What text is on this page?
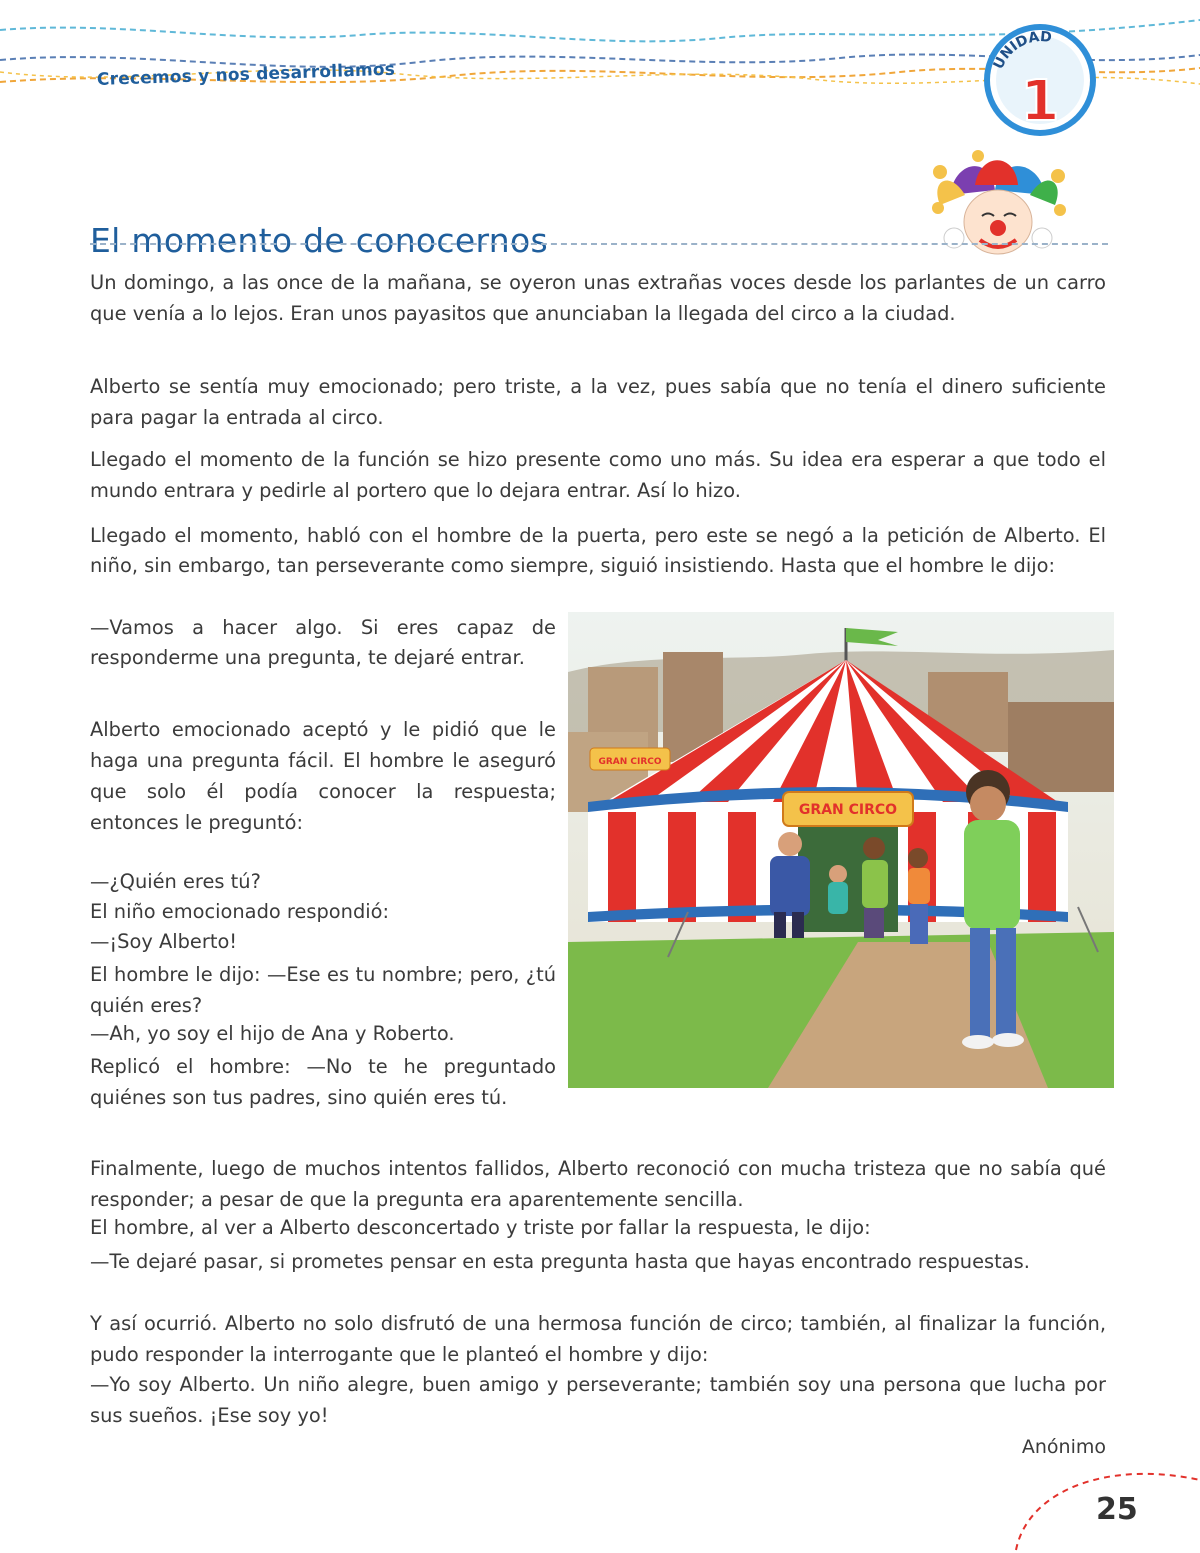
Crecemos y nos desarrollamos	UNIDAD
1
El momento de conocernos

Un domingo, a las once de la mañana, se oyeron unas extrañas voces desde los parlantes de un carro que venía a lo lejos. Eran unos payasitos que anunciaban la llegada del circo a la ciudad.

Alberto se sentía muy emocionado; pero triste, a la vez, pues sabía que no tenía el dinero suficiente para pagar la entrada al circo.

Llegado el momento de la función se hizo presente como uno más. Su idea era esperar a que todo el mundo entrara y pedirle al portero que lo dejara entrar. Así lo hizo.

Llegado el momento, habló con el hombre de la puerta, pero este se negó a la petición de Alberto. El niño, sin embargo, tan perseverante como siempre, siguió insistiendo. Hasta que el hombre le dijo:

—Vamos a hacer algo. Si eres capaz de responderme una pregunta, te dejaré entrar.

Alberto emocionado aceptó y le pidió que le haga una pregunta fácil. El hombre le aseguró que solo él podía conocer la respuesta; entonces le preguntó:

—¿Quién eres tú?
El niño emocionado respondió:
—¡Soy Alberto!

El hombre le dijo: —Ese es tu nombre; pero, ¿tú quién eres?

—Ah, yo soy el hijo de Ana y Roberto.

Replicó el hombre: —No te he preguntado quiénes son tus padres, sino quién eres tú.

GRAN CIRCO
GRAN CIRCO

Finalmente, luego de muchos intentos fallidos, Alberto reconoció con mucha tristeza que no sabía qué responder; a pesar de que la pregunta era aparentemente sencilla.

El hombre, al ver a Alberto desconcertado y triste por fallar la respuesta, le dijo:

—Te dejaré pasar, si prometes pensar en esta pregunta hasta que hayas encontrado respuestas.

Y así ocurrió. Alberto no solo disfrutó de una hermosa función de circo; también, al finalizar la función, pudo responder la interrogante que le planteó el hombre y dijo:

—Yo soy Alberto. Un niño alegre, buen amigo y perseverante; también soy una persona que lucha por sus sueños. ¡Ese soy yo!

Anónimo
25
